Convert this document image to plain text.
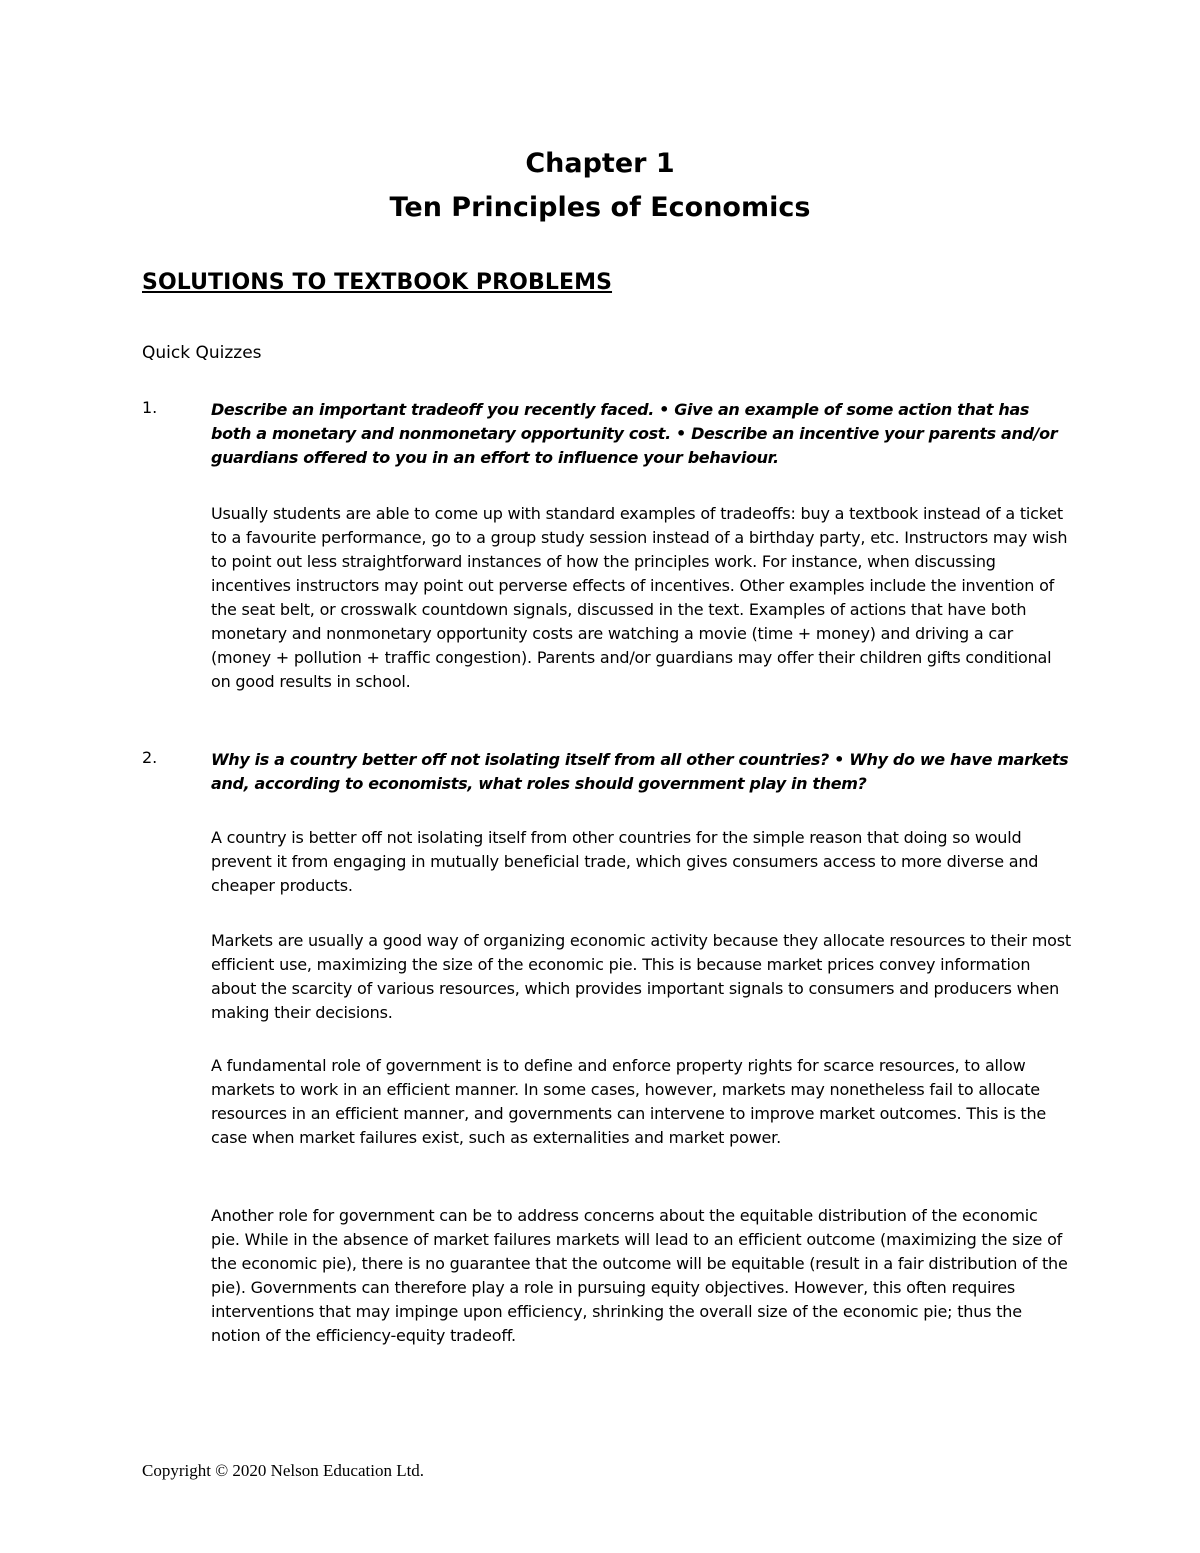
Chapter 1
Ten Principles of Economics
SOLUTIONS TO TEXTBOOK PROBLEMS
Quick Quizzes
1.	Describe an important tradeoff you recently faced. • Give an example of some action that has both a monetary and nonmonetary opportunity cost. • Describe an incentive your parents and/or guardians offered to you in an effort to influence your behaviour.
Usually students are able to come up with standard examples of tradeoffs: buy a textbook instead of a ticket to a favourite performance, go to a group study session instead of a birthday party, etc. Instructors may wish to point out less straightforward instances of how the principles work. For instance, when discussing incentives instructors may point out perverse effects of incentives. Other examples include the invention of the seat belt, or crosswalk countdown signals, discussed in the text. Examples of actions that have both monetary and nonmonetary opportunity costs are watching a movie (time + money) and driving a car (money + pollution + traffic congestion). Parents and/or guardians may offer their children gifts conditional on good results in school.
2.	Why is a country better off not isolating itself from all other countries? • Why do we have markets and, according to economists, what roles should government play in them?
A country is better off not isolating itself from other countries for the simple reason that doing so would prevent it from engaging in mutually beneficial trade, which gives consumers access to more diverse and cheaper products.
Markets are usually a good way of organizing economic activity because they allocate resources to their most efficient use, maximizing the size of the economic pie. This is because market prices convey information about the scarcity of various resources, which provides important signals to consumers and producers when making their decisions.
A fundamental role of government is to define and enforce property rights for scarce resources, to allow markets to work in an efficient manner. In some cases, however, markets may nonetheless fail to allocate resources in an efficient manner, and governments can intervene to improve market outcomes. This is the case when market failures exist, such as externalities and market power.
Another role for government can be to address concerns about the equitable distribution of the economic pie. While in the absence of market failures markets will lead to an efficient outcome (maximizing the size of the economic pie), there is no guarantee that the outcome will be equitable (result in a fair distribution of the pie). Governments can therefore play a role in pursuing equity objectives. However, this often requires interventions that may impinge upon efficiency, shrinking the overall size of the economic pie; thus the notion of the efficiency-equity tradeoff.
Copyright © 2020 Nelson Education Ltd.
